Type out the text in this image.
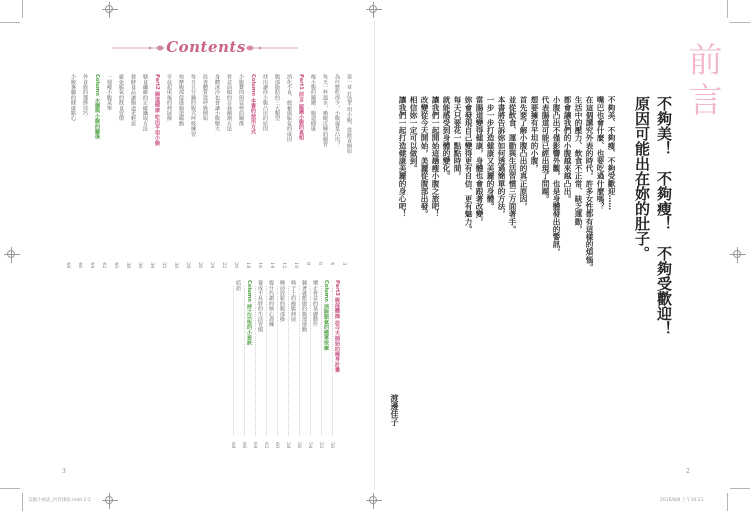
Contents
第一章 打造平坦小腹，從飲食開始
為什麼吃得少，小腹還是凸出？
每天一杯溫水，喚醒沉睡的腸胃
瘦小腹的關鍵：腸道健康
Part1 前言 認識小腹的真相
消化不良、便秘與脹氣的成因
腹部脂肪的三大類型
找出讓你小腹凸出的原因
Column 本書的使用方式
小腹贅肉與姿勢的關係
骨盆前傾的自我檢測方法
身體冰冷也會讓小腹變大
改善體質從呼吸開始
每日五分鐘的腹式呼吸練習
按摩腹部促進腸道蠕動
早晨起床後的伸展操
Part2 腸道健康 吃出平坦小腹
膳食纖維的正確攝取方法
發酵食品讓腸道更輕盈
避免脹氣的飲食習慣
一週瘦小腹菜單
Column 水腫與小腹的關係
外食族的選擇技巧
小腹專屬的健康點心
3
4
6
8
10
12
14
16
18
20
22
24
26
28
30
32
34
36
38
40
42
44
46
48
Part3 腹部體操 從今天開始的瘦身計畫
Column 消除脹氣的簡單按摩
矯正骨盆的基礎動作
躺著就能做的腹部運動
椅子上的瘦腹伸展
睡前放鬆的腹部操
提升代謝的核心訓練
養成不易胖的生活習慣
Column 持之以恆的小祕訣
結語
50
52
54
56
58
60
62
64
66
68
3
前言
不夠美！　不夠瘦！　不夠受歡迎！
原因可能出在妳的肚子。
不夠美、不夠瘦、不夠受歡迎……
嘴巴也會什麼、也要吃過什麼嗎？
在這個講究外表的時代，許多女性都有這樣的煩惱。
生活中的壓力、飲食不正常、缺乏運動，
都會讓我們的小腹越來越凸出。
小腹凸出不僅影響外觀，也是身體發出的警訊，
代表腸道可能已經出現了問題。
想要擁有平坦的小腹，
首先要了解小腹凸出的真正原因，
並從飲食、運動與生活習慣三方面著手。
本書將告訴妳如何透過簡單的方法，
一步一步打造健康又美麗的身體。
當腸道變得健康，身體也會跟著改變，
妳會發現自己變得更有自信、更有魅力。
每天只要花一點點時間，
就能感受到身體的變化。
讓我們一起開始這趟瘦小腹之旅吧！
改變從今天開始，美麗從腹部出發。
相信妳一定可以做到。
讓我們一起打造健康美麗的身心吧！
渡邊佳子
2
美腹小祕訣_內頁排版.indd 2-3	2016/8/8 上午10:21
